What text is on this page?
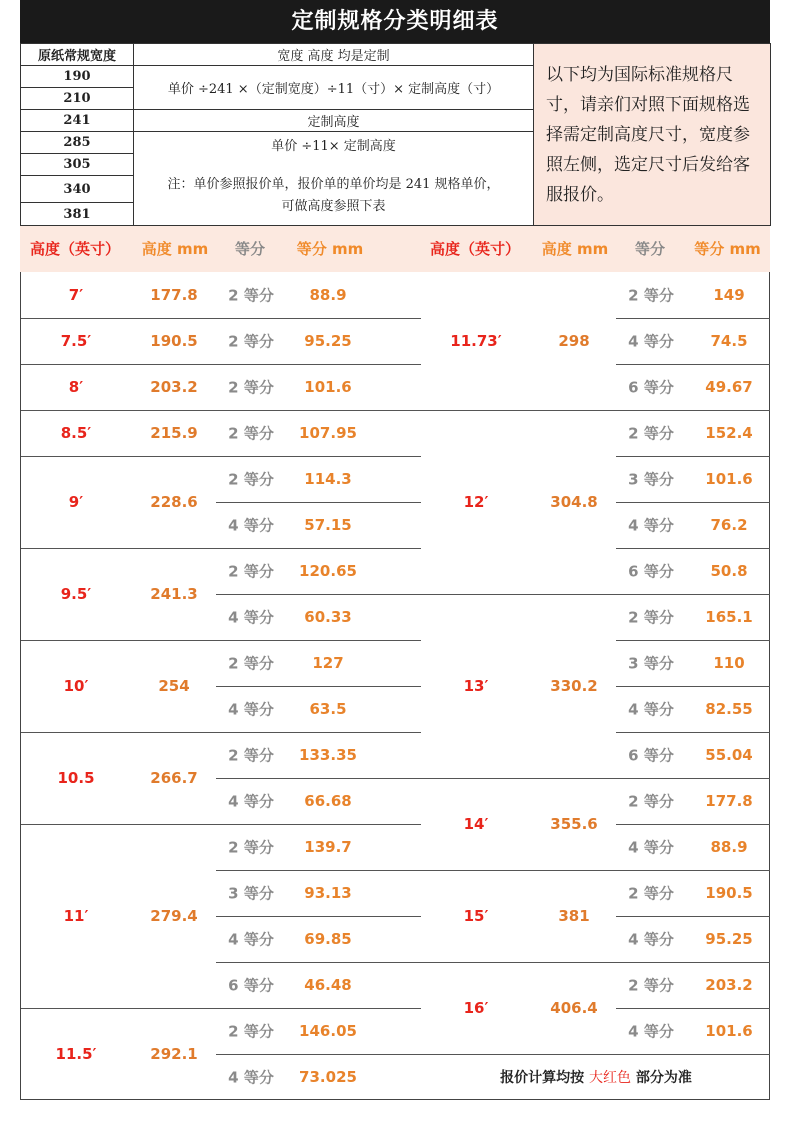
定制规格分类明细表
原纸常规宽度	宽度 高度 均是定制	以下均为国际标准规格尺寸，请亲们对照下面规格选择需定制高度尺寸，宽度参照左侧，选定尺寸后发给客服报价。
190	单价 ÷241 ×（定制宽度）÷11（寸）× 定制高度（寸）	
210		
241	定制高度	
285	单价 ÷11× 定制高度
注：单价参照报价单，报价单的单价均是 241 规格单价，
可做高度参照下表	

305		
340		
381		
高度（英寸）	高度 mm	等分	等分 mm	高度（英寸）	高度 mm	等分	等分 mm
报价计算均按 大红色 部分为准
7′	177.8 2 等分 88.9
7.5′	190.5 2 等分 95.25
8′	203.2 2 等分 101.6
8.5′	215.9 2 等分 107.95
9′	228.6
2 等分 114.3
4 等分 57.15
9.5′	241.3
2 等分 120.65
4 等分 60.33
10′	254
2 等分	127
4 等分 63.5
10.5	266.7
2 等分 133.35
4 等分 66.68
11′	279.4
2 等分 139.7
3 等分 93.13
4 等分 69.85
6 等分 46.48
11.5′	292.1
2 等分 146.05
4 等分 73.025
11.73′	298
2 等分	149
4 等分 74.5
6 等分 49.67
12′	304.8
2 等分 152.4
3 等分 101.6
4 等分 76.2
6 等分 50.8
13′	330.2
2 等分 165.1
3 等分	110
4 等分 82.55
6 等分 55.04
14′	355.6
2 等分 177.8
4 等分 88.9
15′	381
2 等分 190.5
4 等分 95.25
16′	406.4
2 等分 203.2
4 等分 101.6
